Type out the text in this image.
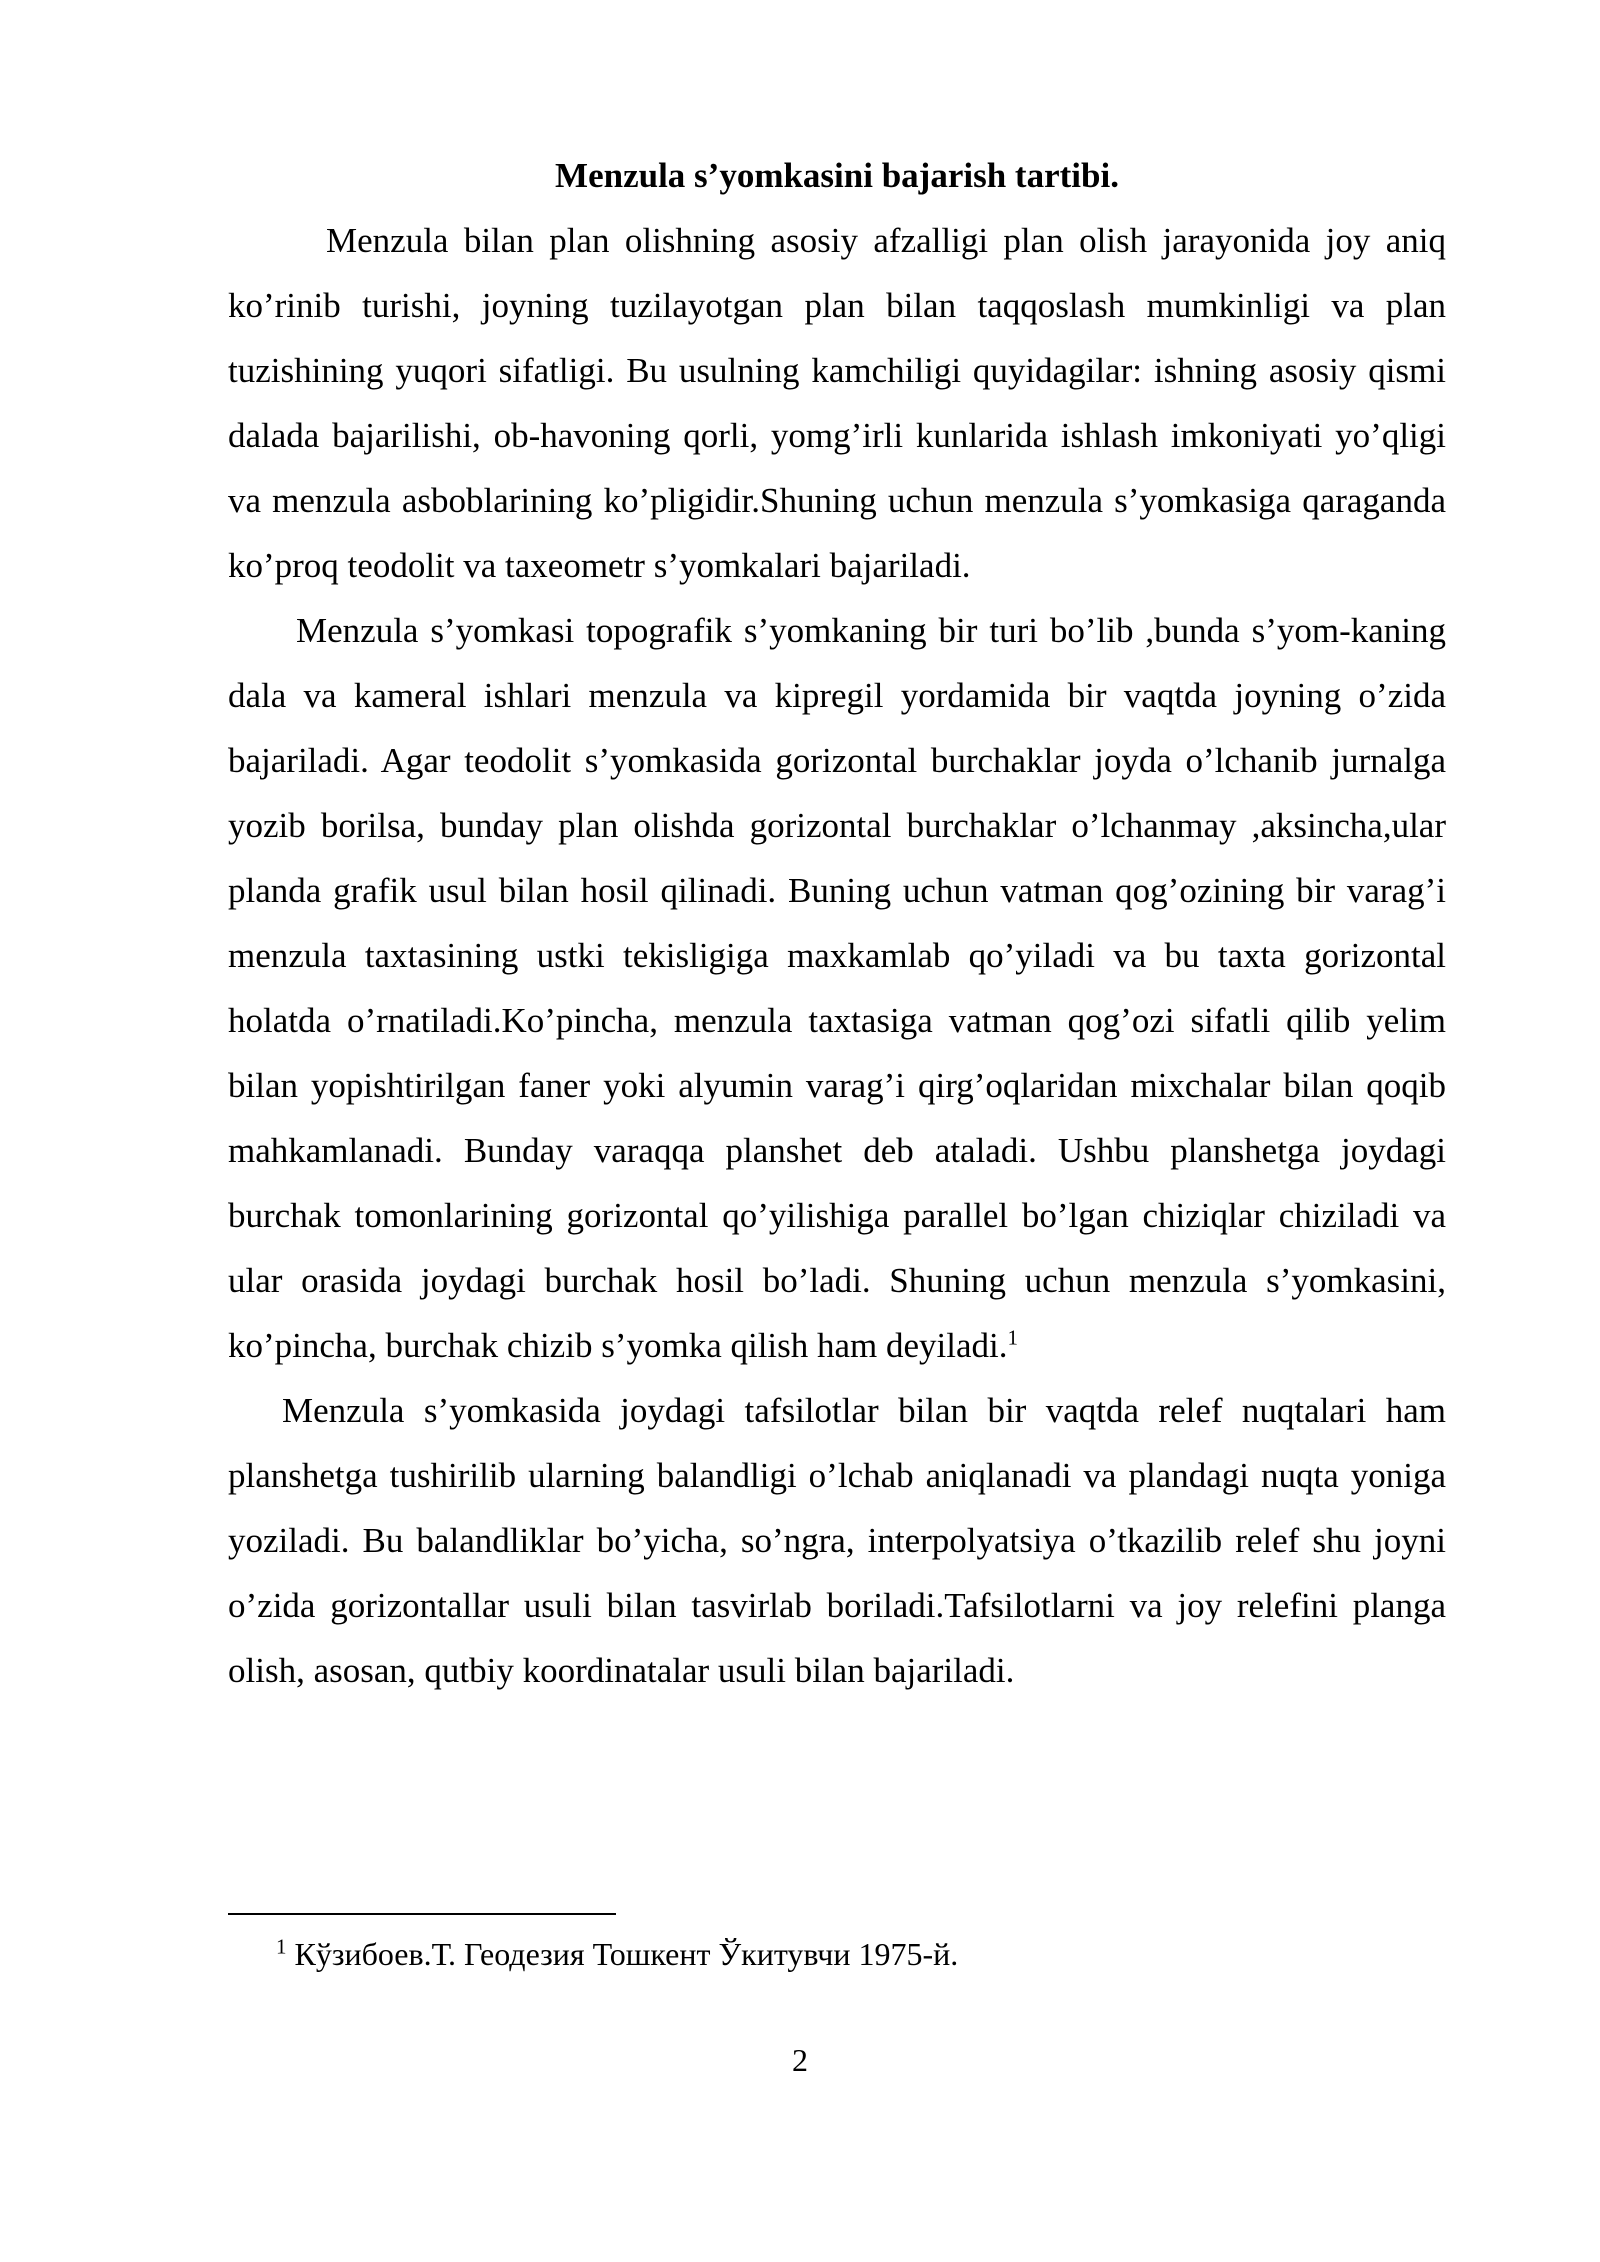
Menzula s’yomkasini bajarish tartibi.

Menzula bilan plan olishning asosiy afzalligi plan olish jarayonida joy aniq ko’rinib turishi, joyning tuzilayotgan plan bilan taqqoslash mumkinligi va plan tuzishining yuqori sifatligi. Bu usulning kamchiligi quyidagilar: ishning asosiy qismi dalada bajarilishi, ob-havoning qorli, yomg’irli kunlarida ishlash imkoniyati yo’qligi va menzula asboblarining ko’pligidir.Shuning uchun menzula s’yomkasiga qaraganda ko’proq teodolit va taxeometr s’yomkalari bajariladi.

Menzula s’yomkasi topografik s’yomkaning bir turi bo’lib ,bunda s’yom-kaning dala va kameral ishlari menzula va kipregil yordamida bir vaqtda joyning o’zida bajariladi. Agar teodolit s’yomkasida gorizontal burchaklar joyda o’lchanib jurnalga yozib borilsa, bunday plan olishda gorizontal burchaklar o’lchanmay ,aksincha,ular planda grafik usul bilan hosil qilinadi. Buning uchun vatman qog’ozining bir varag’i menzula taxtasining ustki tekisligiga maxkamlab qo’yiladi va bu taxta gorizontal holatda o’rnatiladi.Ko’pincha, menzula taxtasiga vatman qog’ozi sifatli qilib yelim bilan yopishtirilgan faner yoki alyumin varag’i qirg’oqlaridan mixchalar bilan qoqib mahkamlanadi. Bunday varaqqa planshet deb ataladi. Ushbu planshetga joydagi burchak tomonlarining gorizontal qo’yilishiga parallel bo’lgan chiziqlar chiziladi va ular orasida joydagi burchak hosil bo’ladi. Shuning uchun menzula s’yomkasini, ko’pincha, burchak chizib s’yomka qilish ham deyiladi.$^1$

Menzula s’yomkasida joydagi tafsilotlar bilan bir vaqtda relef nuqtalari ham planshetga tushirilib ularning balandligi o’lchab aniqlanadi va plandagi nuqta yoniga yoziladi. Bu balandliklar bo’yicha, so’ngra, interpolyatsiya o’tkazilib relef shu joyni o’zida gorizontallar usuli bilan tasvirlab boriladi.Tafsilotlarni va joy relefini planga olish, asosan, qutbiy koordinatalar usuli bilan bajariladi.

$^1$ Кўзибоев.Т. Геодезия Тошкент Ўкитувчи 1975-й.
2
